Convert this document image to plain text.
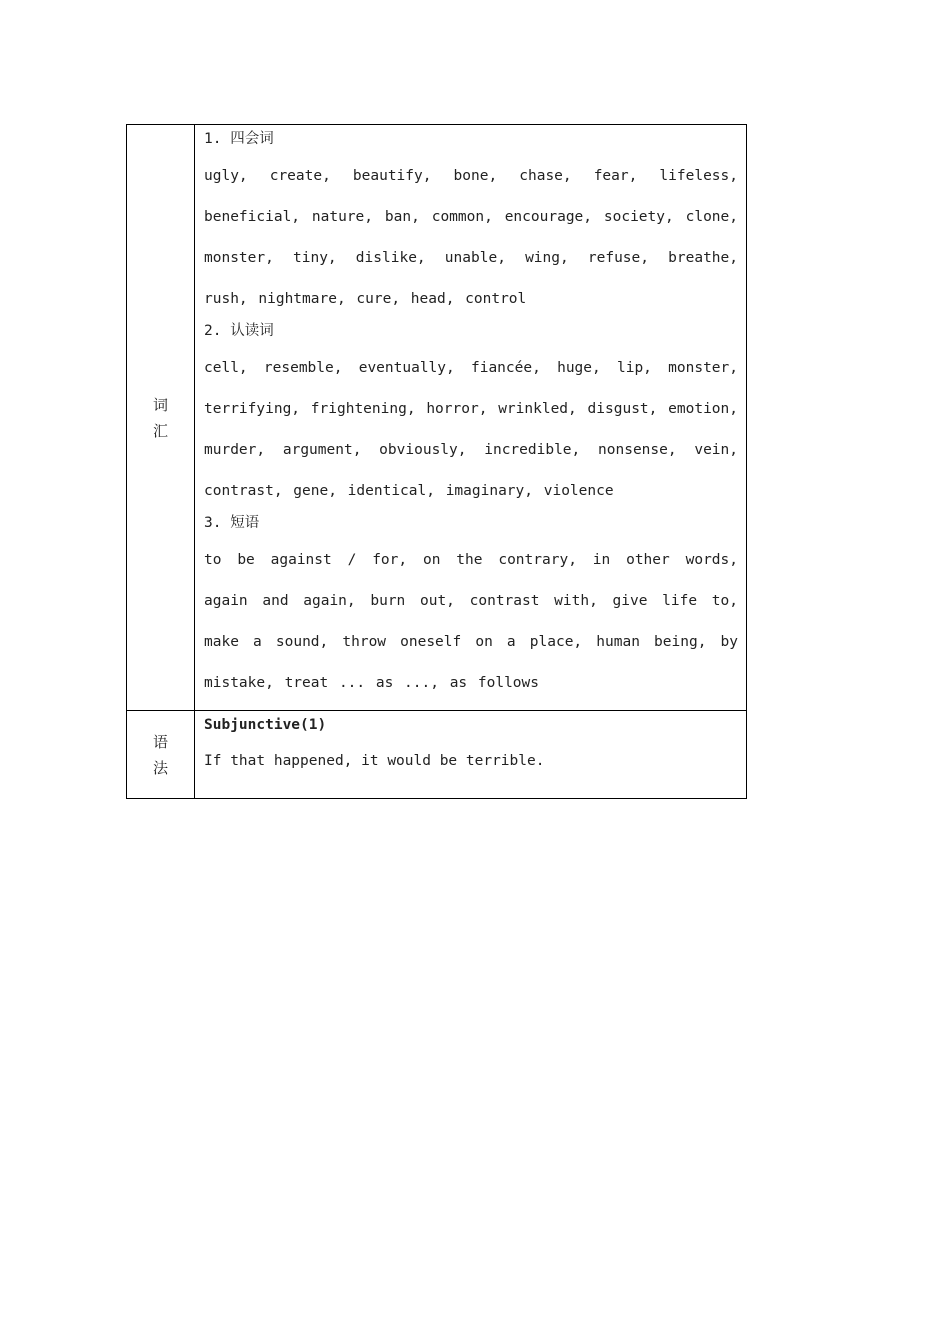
词汇
1. 四会词

ugly, create, beautify, bone, chase, fear, lifeless, beneficial, nature, ban, common, encourage, society, clone, monster, tiny, dislike, unable, wing, refuse, breathe, rush, nightmare, cure, head, control

2. 认读词

cell, resemble, eventually, fiancée, huge, lip, monster, terrifying, frightening, horror, wrinkled, disgust, emotion, murder, argument, obviously, incredible, nonsense, vein, contrast, gene, identical, imaginary, violence

3. 短语

to be against / for, on the contrary, in other words, again and again, burn out, contrast with, give life to, make a sound, throw oneself on a place, human being, by mistake, treat ... as ..., as follows

语法
Subjunctive(1)
If that happened, it would be terrible.
